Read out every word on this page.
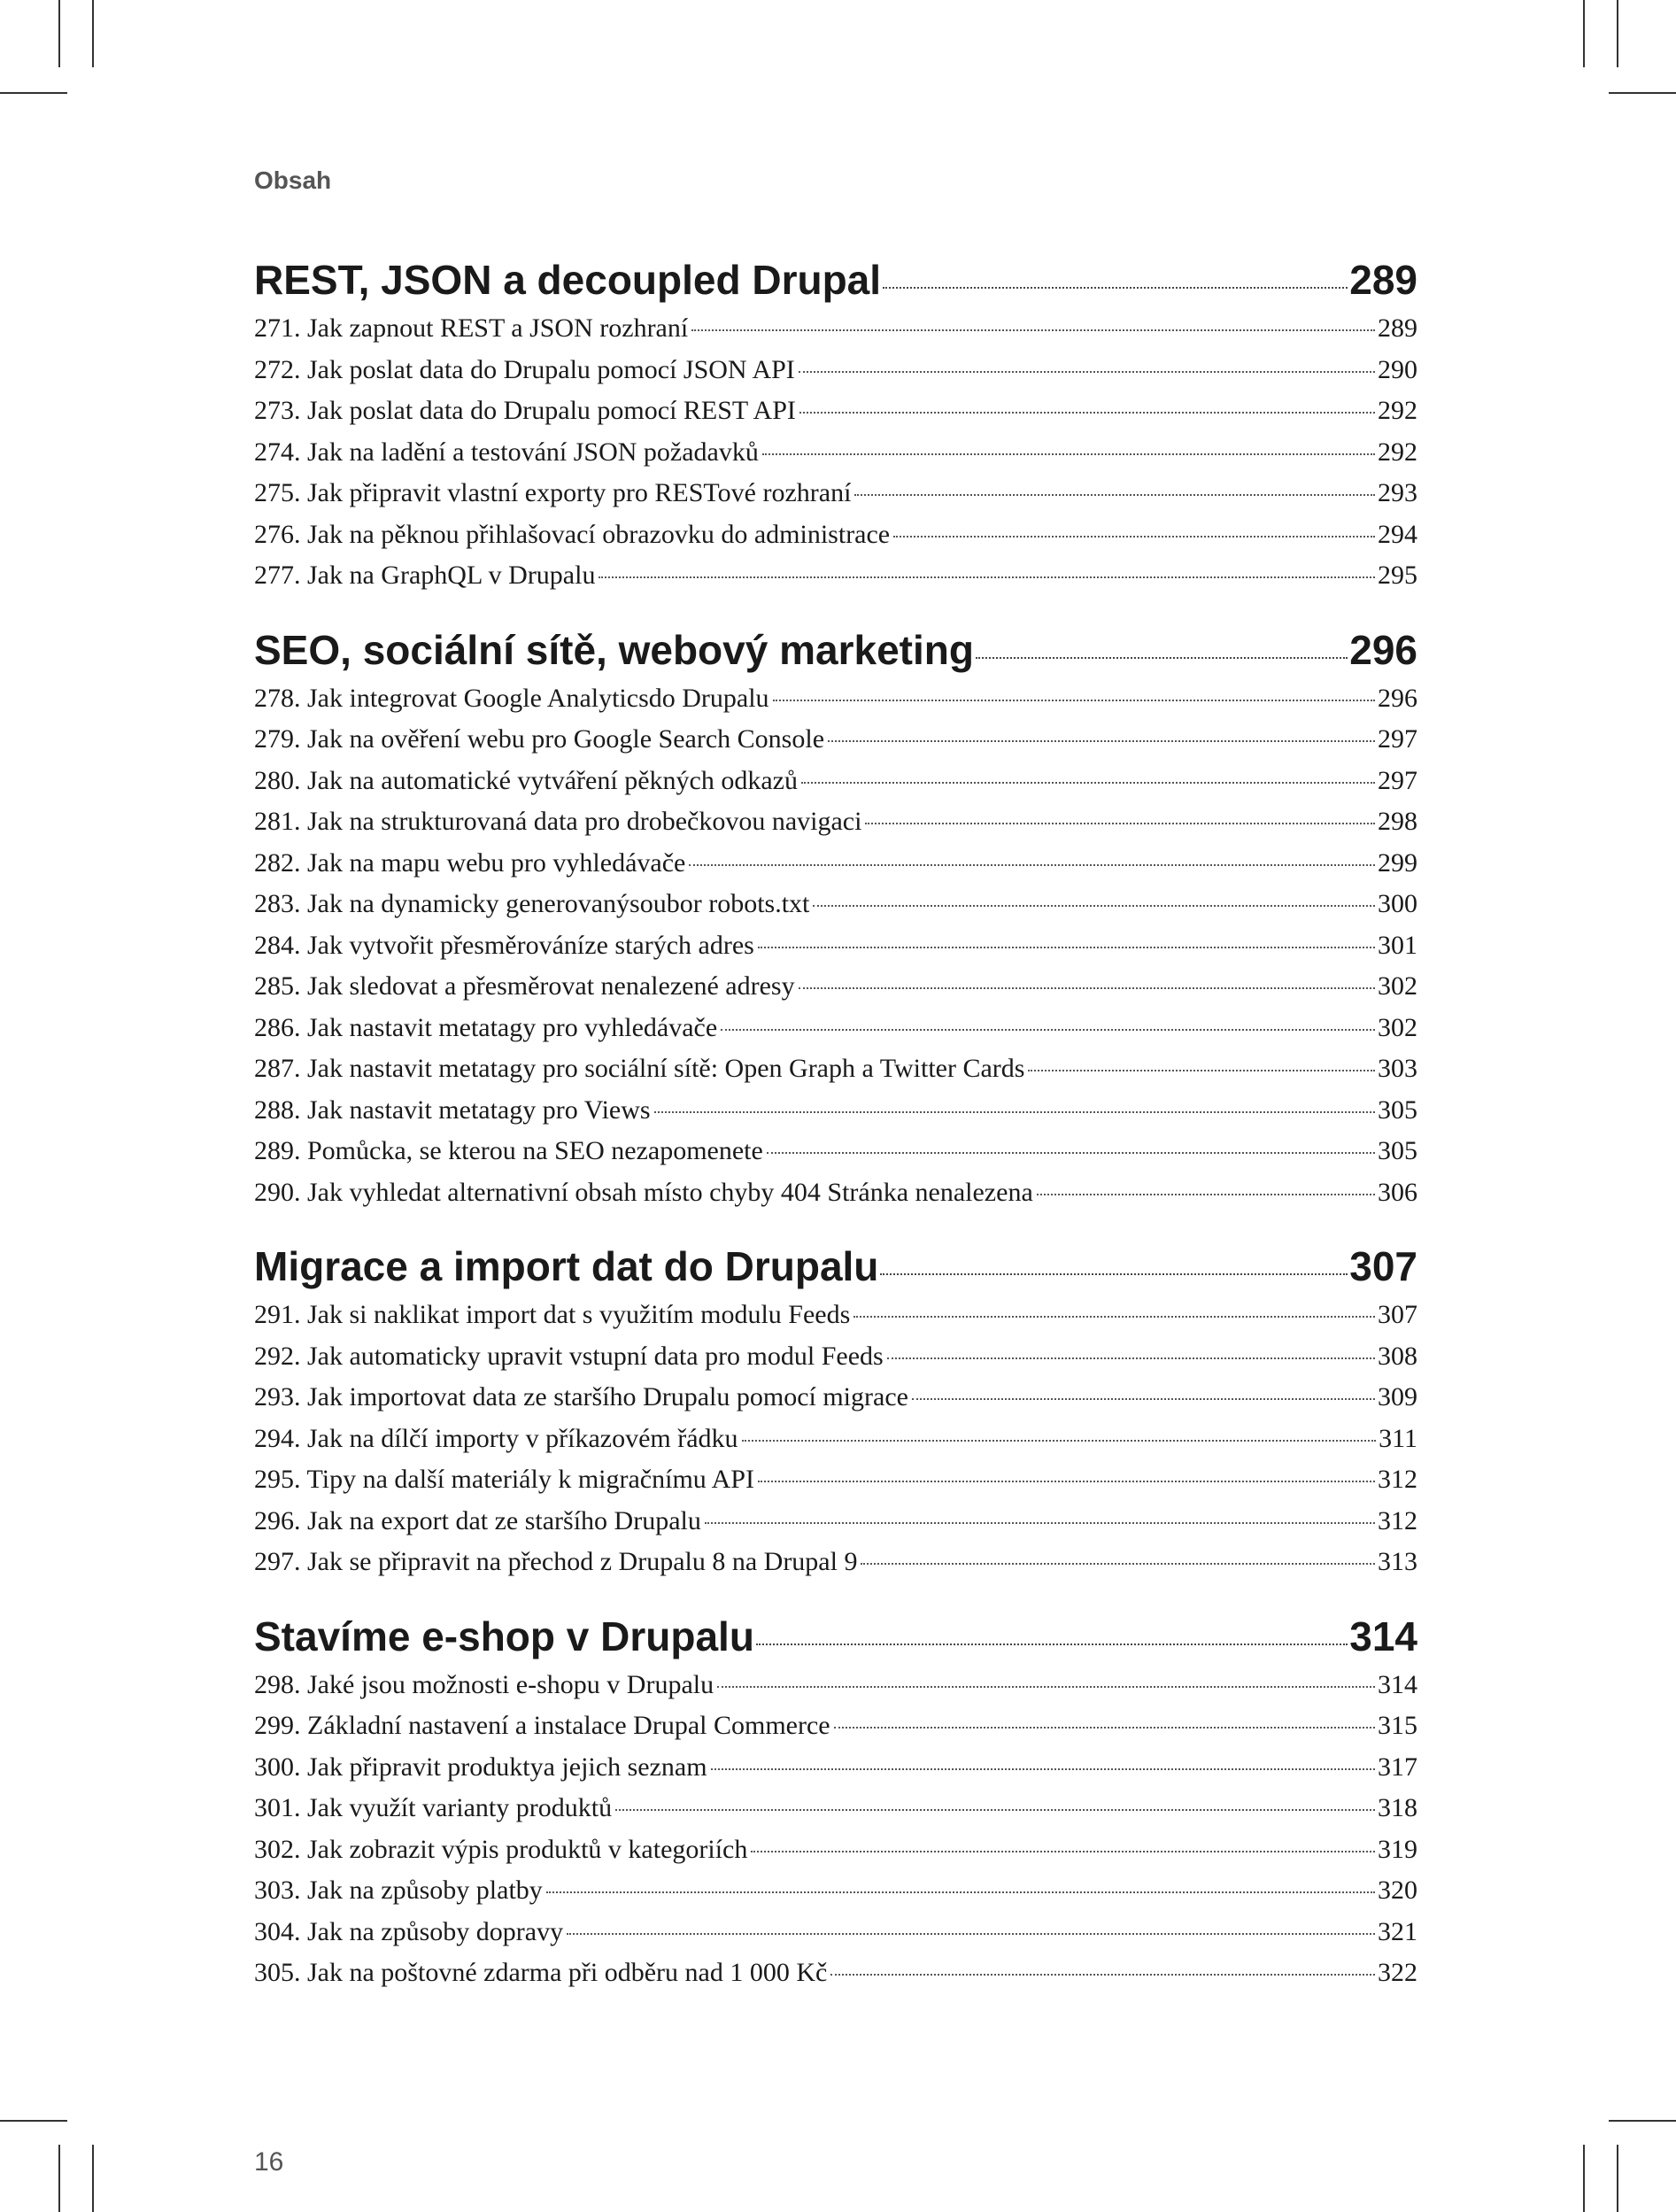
Obsah
REST, JSON a decoupled Drupal	289
271. Jak zapnout REST a JSON rozhraní	289
272. Jak poslat data do Drupalu pomocí JSON API	290
273. Jak poslat data do Drupalu pomocí REST API	292
274. Jak na ladění a testování JSON požadavků	292
275. Jak připravit vlastní exporty pro RESTové rozhraní	293
276. Jak na pěknou přihlašovací obrazovku do administrace	294
277. Jak na GraphQL v Drupalu	295
SEO, sociální sítě, webový marketing	296
278. Jak integrovat Google Analyticsdo Drupalu	296
279. Jak na ověření webu pro Google Search Console	297
280. Jak na automatické vytváření pěkných odkazů	297
281. Jak na strukturovaná data pro drobečkovou navigaci	298
282. Jak na mapu webu pro vyhledávače	299
283. Jak na dynamicky generovanýsoubor robots.txt	300
284. Jak vytvořit přesměrováníze starých adres	301
285. Jak sledovat a přesměrovat nenalezené adresy	302
286. Jak nastavit metatagy pro vyhledávače	302
287. Jak nastavit metatagy pro sociální sítě: Open Graph a Twitter Cards	303
288. Jak nastavit metatagy pro Views	305
289. Pomůcka, se kterou na SEO nezapomenete	305
290. Jak vyhledat alternativní obsah místo chyby 404 Stránka nenalezena	306
Migrace a import dat do Drupalu	307
291. Jak si naklikat import dat s využitím modulu Feeds	307
292. Jak automaticky upravit vstupní data pro modul Feeds	308
293. Jak importovat data ze staršího Drupalu pomocí migrace	309
294. Jak na dílčí importy v příkazovém řádku	311
295. Tipy na další materiály k migračnímu API	312
296. Jak na export dat ze staršího Drupalu	312
297. Jak se připravit na přechod z Drupalu 8 na Drupal 9	313
Stavíme e-shop v Drupalu	314
298. Jaké jsou možnosti e-shopu v Drupalu	314
299. Základní nastavení a instalace Drupal Commerce	315
300. Jak připravit produktya jejich seznam	317
301. Jak využít varianty produktů	318
302. Jak zobrazit výpis produktů v kategoriích	319
303. Jak na způsoby platby	320
304. Jak na způsoby dopravy	321
305. Jak na poštovné zdarma při odběru nad 1 000 Kč	322
16
